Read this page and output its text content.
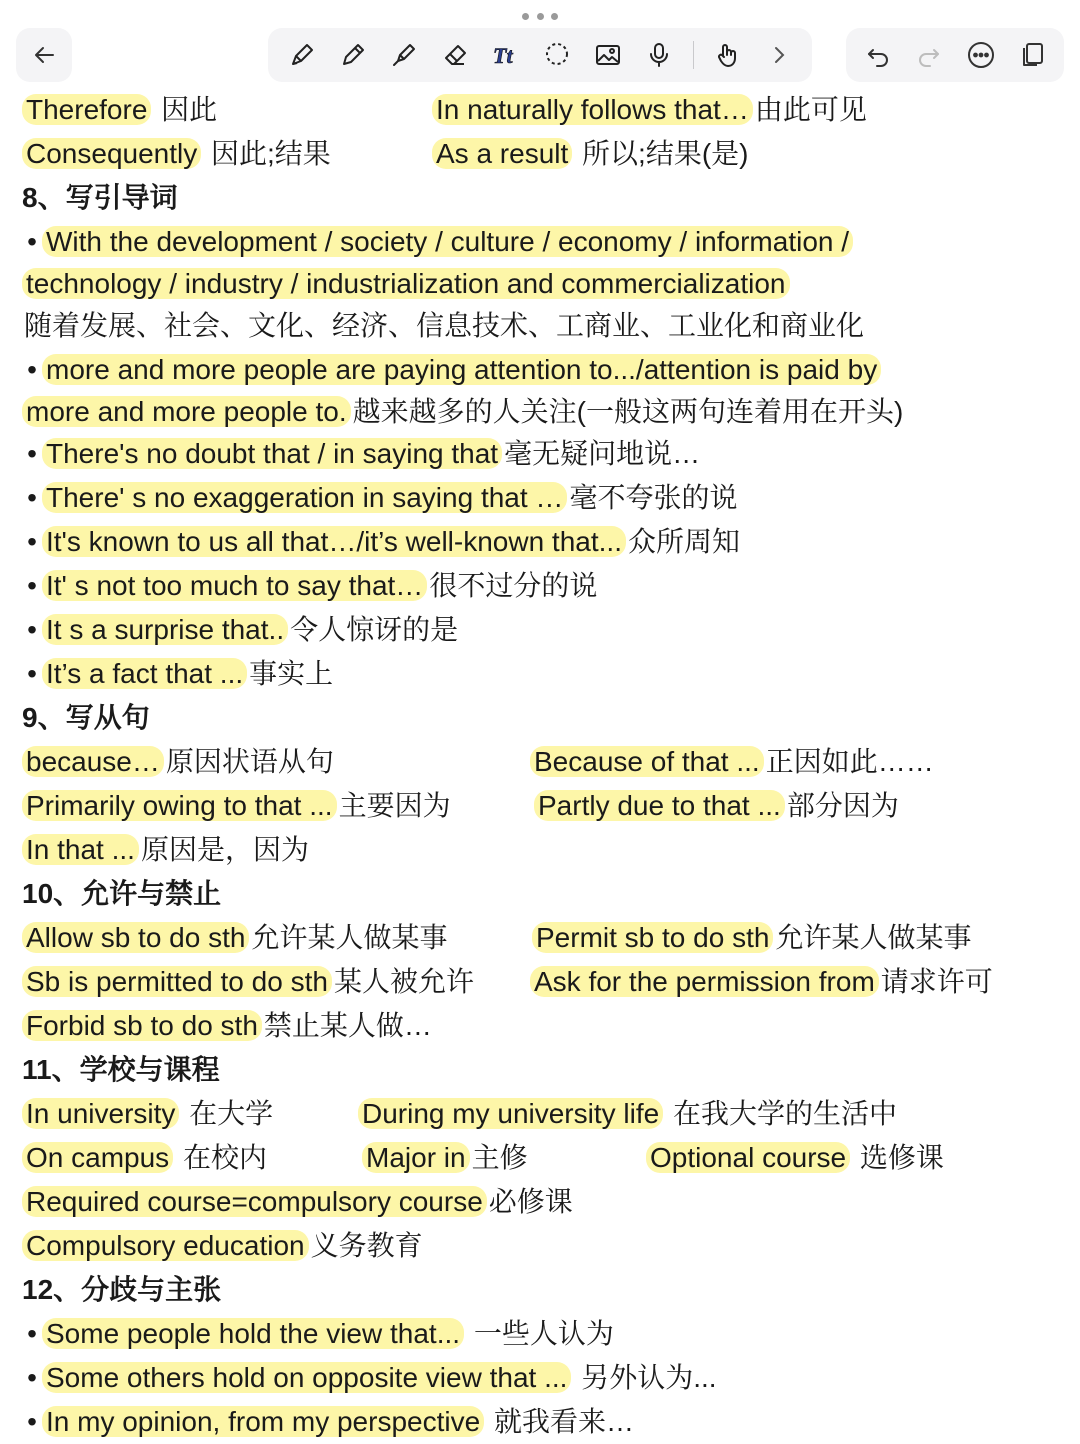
Tt
Therefore 因此	In naturally follows that… 由此可见
Consequently 因此;结果	As a result 所以;结果(是)
8、写引导词
• With the development / society / culture / economy / information /
technology / industry / industrialization and commercialization
随着发展、社会、文化、经济、信息技术、工商业、工业化和商业化
• more and more people are paying attention to.../attention is paid by
more and more people to. 越来越多的人关注(一般这两句连着用在开头)
• There's no doubt that / in saying that 毫无疑问地说…
• There' s no exaggeration in saying that … 毫不夸张的说
• It's known to us all that…/it’s well-known that... 众所周知
• It' s not too much to say that… 很不过分的说
• It s a surprise that.. 令人惊讶的是
• It’s a fact that ... 事实上
9、写从句
because… 原因状语从句	Because of that ... 正因如此……
Primarily owing to that ... 主要因为	Partly due to that ... 部分因为
In that ... 原因是，因为
10、允许与禁止
Allow sb to do sth 允许某人做某事	Permit sb to do sth 允许某人做某事
Sb is permitted to do sth 某人被允许 Ask for the permission from 请求许可
Forbid sb to do sth 禁止某人做…
11、学校与课程
In university 在大学	During my university life 在我大学的生活中
On campus 在校内	Major in 主修	Optional course 选修课
Required course=compulsory course 必修课
Compulsory education 义务教育
12、分歧与主张
• Some people hold the view that... 一些人认为
• Some others hold on opposite view that ... 另外认为...
• In my opinion, from my perspective 就我看来…
